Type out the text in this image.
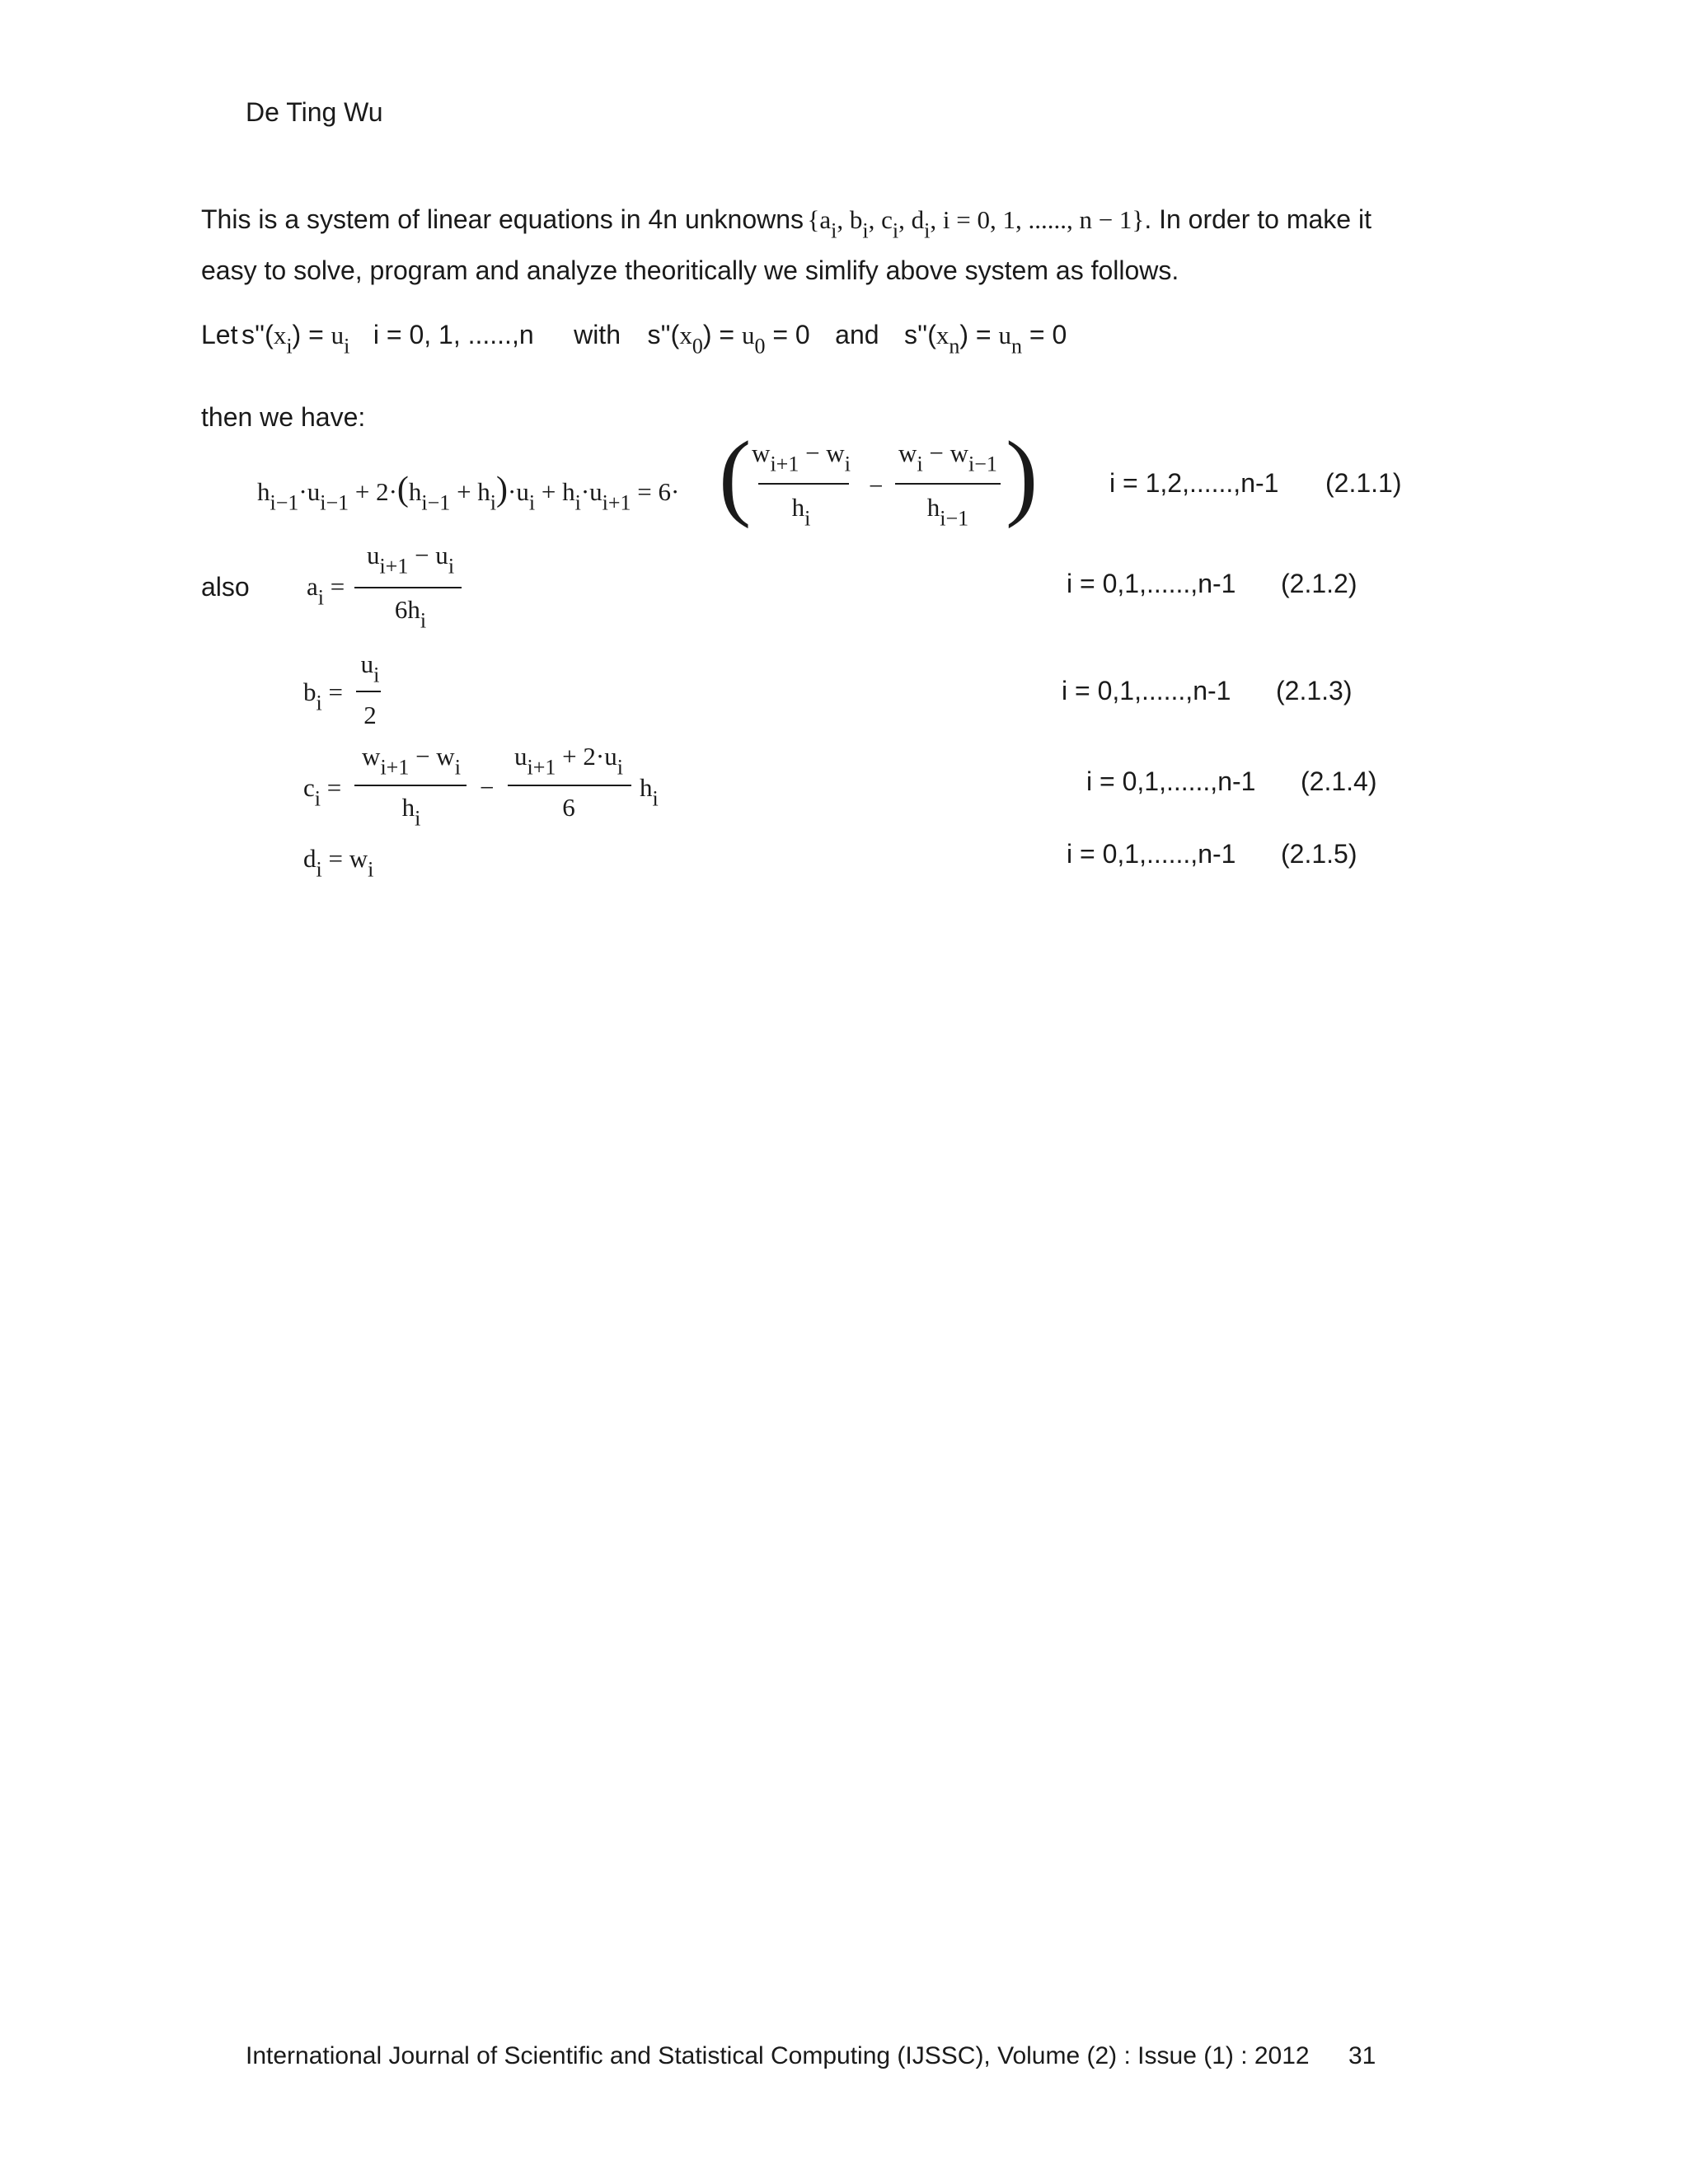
De Ting Wu
This is a system of linear equations in 4n unknowns {$a_i$, $b_i$, $c_i$, $d_i$, i = 0, 1, ......, n − 1}. In order to make it
easy to solve, program and analyze theoritically we simlify above system as follows.
Let $s''(x_i) = u_i$ i = 0, 1, ......,n with $s''(x_0) = u_0 = 0$ and $s''(x_n) = u_n = 0$
then we have:
$h_{i-1}\cdot u_{i-1} + 2\cdot(h_{i-1} + h_i)\cdot u_i + h_i\cdot u_{i+1} = 6\cdot$ (	)
$w_{i+1} - w_i$
$h_i$
−
$w_i - w_{i-1}$
$h_{i-1}$
i = 1,2,......,n-1 (2.1.1)
also $a_i$ =
$u_{i+1} - u_i$
$6h_i$
i = 0,1,......,n-1 (2.1.2)
$b_i$ =
$u_i$
2
i = 0,1,......,n-1 (2.1.3)
$c_i$ =
$w_{i+1} - w_i$
$h_i$
−
$u_{i+1} + 2\cdot u_i$
6
$h_i$
i = 0,1,......,n-1 (2.1.4)
$d_i = w_i$
i = 0,1,......,n-1 (2.1.5)
International Journal of Scientific and Statistical Computing (IJSSC), Volume (2) : Issue (1) : 2012 31
